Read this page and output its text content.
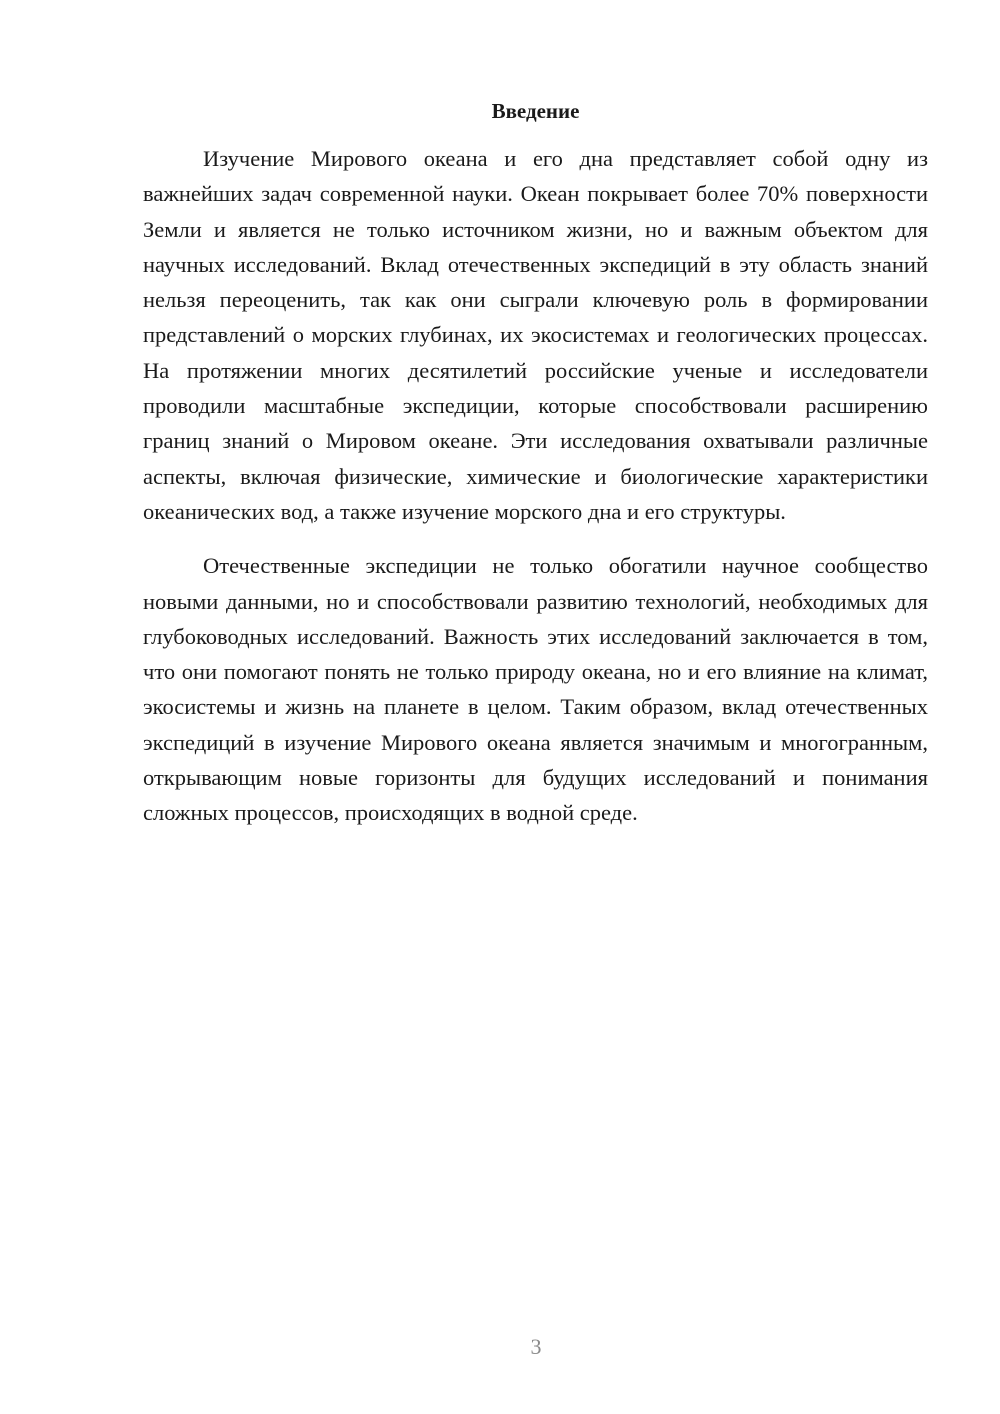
Введение

Изучение Мирового океана и его дна представляет собой одну из важнейших задач современной науки. Океан покрывает более 70% поверхности Земли и является не только источником жизни, но и важным объектом для научных исследований. Вклад отечественных экспедиций в эту область знаний нельзя переоценить, так как они сыграли ключевую роль в формировании представлений о морских глубинах, их экосистемах и геологических процессах. На протяжении многих десятилетий российские ученые и исследователи проводили масштабные экспедиции, которые способствовали расширению границ знаний о Мировом океане. Эти исследования охватывали различные аспекты, включая физические, химические и биологические характеристики океанических вод, а также изучение морского дна и его структуры.

Отечественные экспедиции не только обогатили научное сообщество новыми данными, но и способствовали развитию технологий, необходимых для глубоководных исследований. Важность этих исследований заключается в том, что они помогают понять не только природу океана, но и его влияние на климат, экосистемы и жизнь на планете в целом. Таким образом, вклад отечественных экспедиций в изучение Мирового океана является значимым и многогранным, открывающим новые горизонты для будущих исследований и понимания сложных процессов, происходящих в водной среде.

3
